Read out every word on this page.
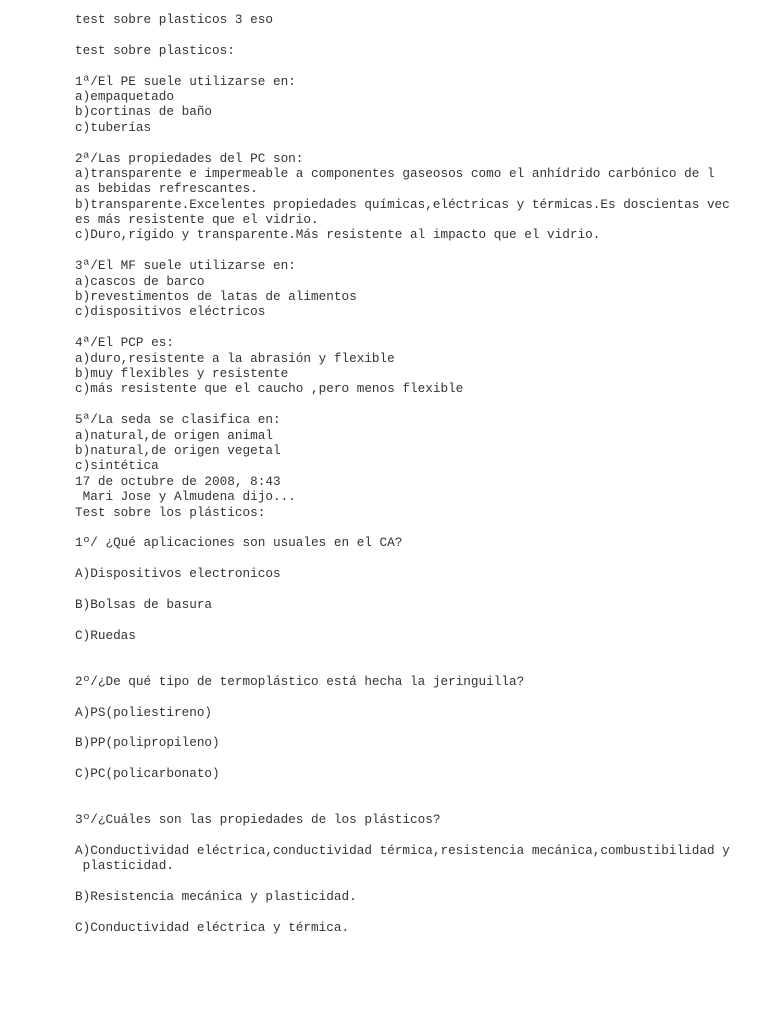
test sobre plasticos 3 eso
test sobre plasticos:
1ª/El PE suele utilizarse en:
a)empaquetado
b)cortinas de baño
c)tuberías
2ª/Las propiedades del PC son:
a)transparente e impermeable a componentes gaseosos como el anhídrido carbónico de l
as bebidas refrescantes.
b)transparente.Excelentes propiedades químicas,eléctricas y térmicas.Es doscientas vec
es más resistente que el vidrio.
c)Duro,rígido y transparente.Más resistente al impacto que el vidrio.
3ª/El MF suele utilizarse en:
a)cascos de barco
b)revestimentos de latas de alimentos
c)dispositivos eléctricos
4ª/El PCP es:
a)duro,resistente a la abrasión y flexible
b)muy flexibles y resistente
c)más resistente que el caucho ,pero menos flexible
5ª/La seda se clasifica en:
a)natural,de origen animal
b)natural,de origen vegetal
c)sintética
17 de octubre de 2008, 8:43
Mari Jose y Almudena dijo...
Test sobre los plásticos:
1º/ ¿Qué aplicaciones son usuales en el CA?
A)Dispositivos electronicos
B)Bolsas de basura
C)Ruedas
2º/¿De qué tipo de termoplástico está hecha la jeringuilla?
A)PS(poliestireno)
B)PP(polipropileno)
C)PC(policarbonato)
3º/¿Cuáles son las propiedades de los plásticos?
A)Conductividad eléctrica,conductividad térmica,resistencia mecánica,combustibilidad y
plasticidad.
B)Resistencia mecánica y plasticidad.
C)Conductividad eléctrica y térmica.
